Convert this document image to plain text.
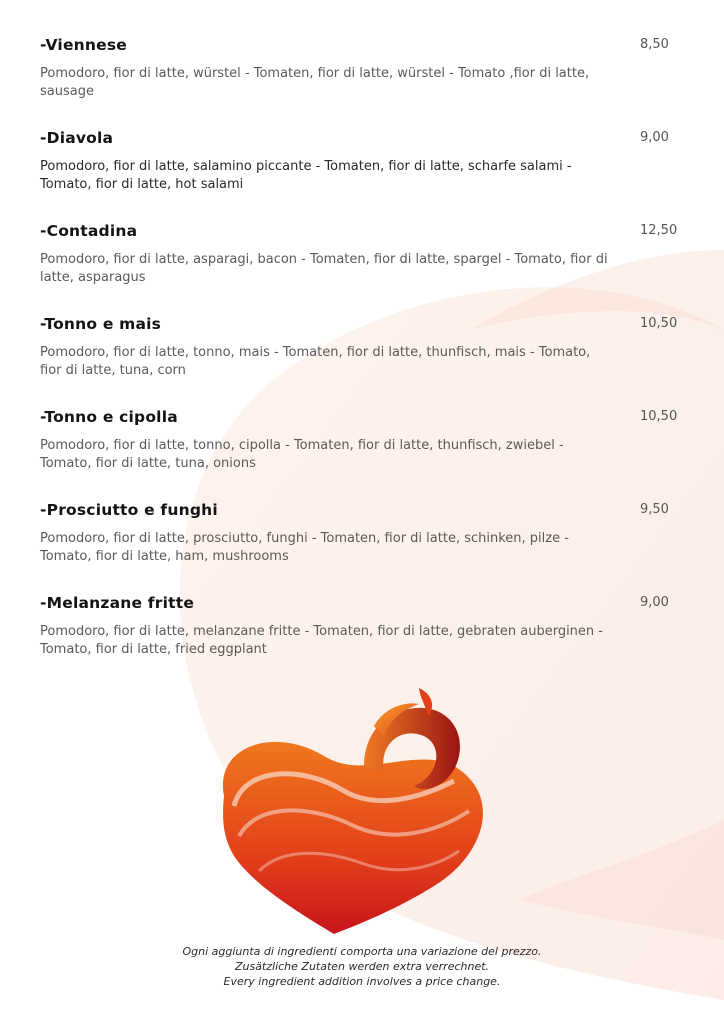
-Viennese	8,50
Pomodoro, fior di latte, würstel - Tomaten, fior di latte, würstel - Tomato ,fior di latte, sausage
-Diavola	9,00
Pomodoro, fior di latte, salamino piccante - Tomaten, fior di latte, scharfe salami - Tomato, fior di latte, hot salami
-Contadina	12,50
Pomodoro, fior di latte, asparagi, bacon - Tomaten, fior di latte, spargel - Tomato, fior di latte, asparagus
-Tonno e mais	10,50
Pomodoro, fior di latte, tonno, mais - Tomaten, fior di latte, thunfisch, mais - Tomato, fior di latte, tuna, corn
-Tonno e cipolla	10,50
Pomodoro, fior di latte, tonno, cipolla - Tomaten, fior di latte, thunfisch, zwiebel - Tomato, fior di latte, tuna, onions
-Prosciutto e funghi	9,50
Pomodoro, fior di latte, prosciutto, funghi - Tomaten, fior di latte, schinken, pilze - Tomato, fior di latte, ham, mushrooms
-Melanzane fritte	9,00
Pomodoro, fior di latte, melanzane fritte - Tomaten, fior di latte, gebraten auberginen - Tomato, fior di latte, fried eggplant
Ogni aggiunta di ingredienti comporta una variazione del prezzo.
Zusätzliche Zutaten werden extra verrechnet.
Every ingredient addition involves a price change.
